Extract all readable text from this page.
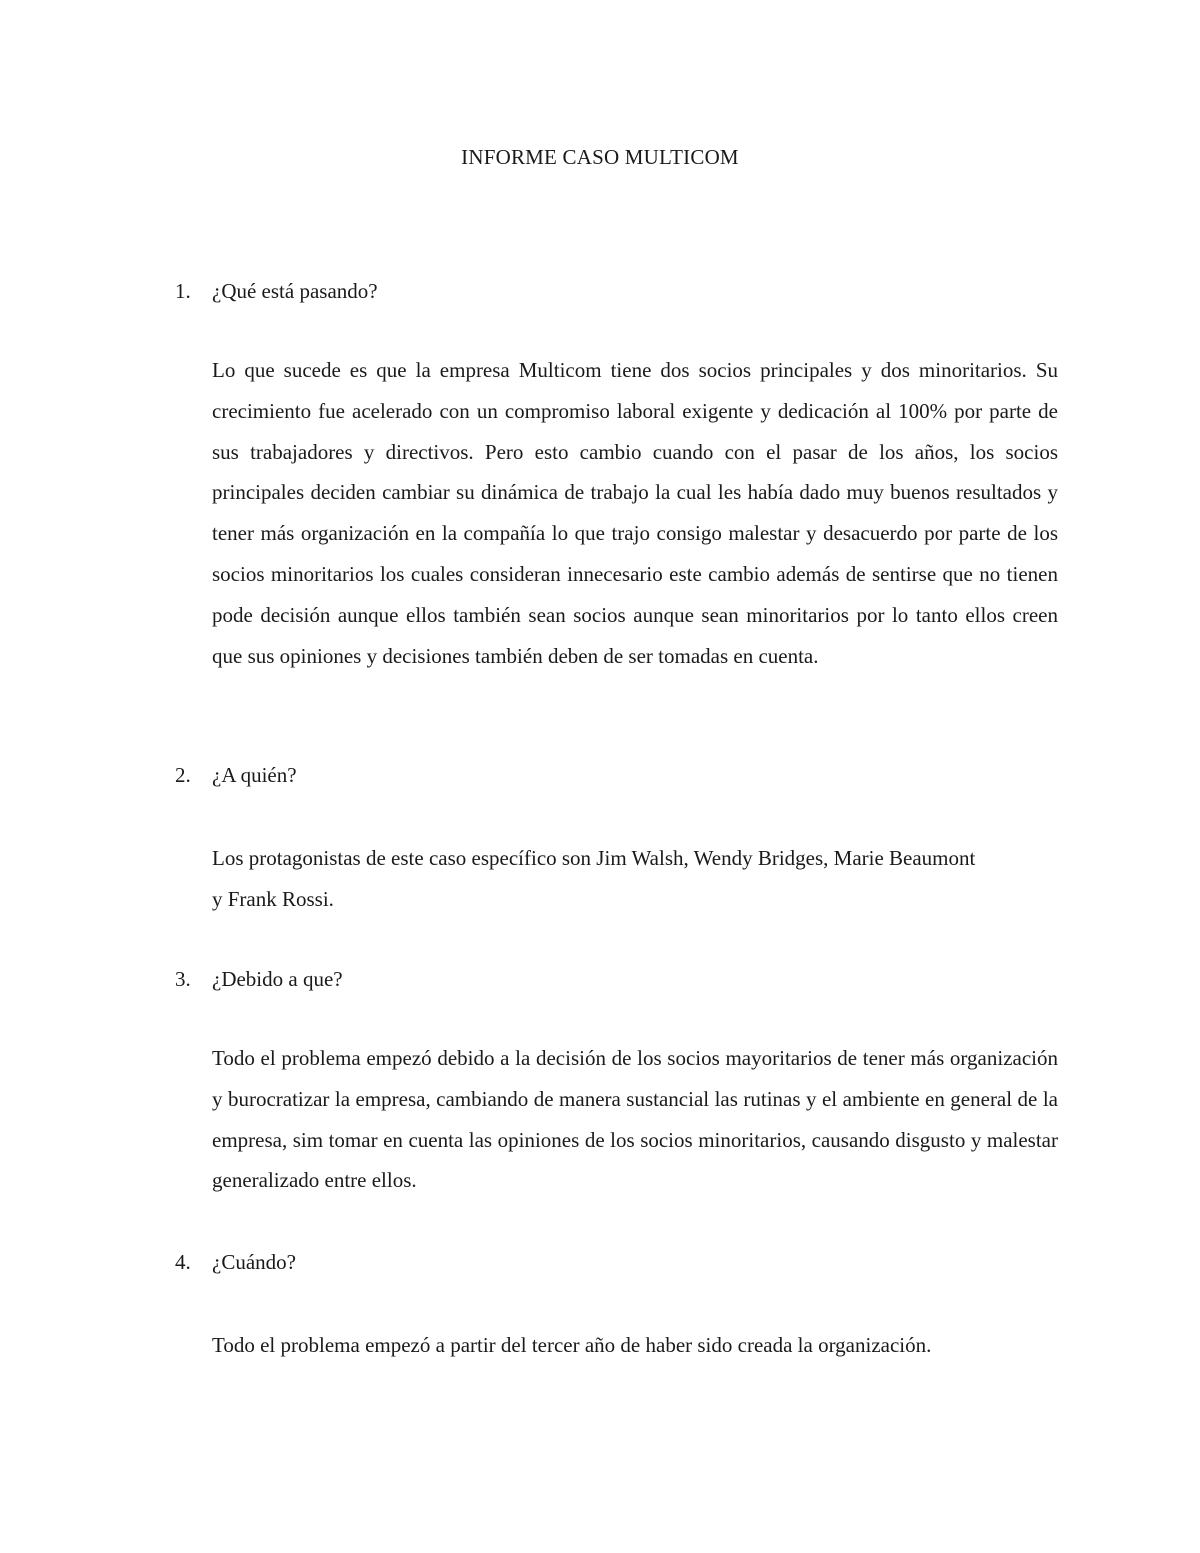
INFORME CASO MULTICOM
1. ¿Qué está pasando?

Lo que sucede es que la empresa Multicom tiene dos socios principales y dos minoritarios. Su crecimiento fue acelerado con un compromiso laboral exigente y dedicación al 100% por parte de sus trabajadores y directivos. Pero esto cambio cuando con el pasar de los años, los socios principales deciden cambiar su dinámica de trabajo la cual les había dado muy buenos resultados y tener más organización en la compañía lo que trajo consigo malestar y desacuerdo por parte de los socios minoritarios los cuales consideran innecesario este cambio además de sentirse que no tienen pode decisión aunque ellos también sean socios aunque sean minoritarios por lo tanto ellos creen que sus opiniones y decisiones también deben de ser tomadas en cuenta.

2. ¿A quién?

Los protagonistas de este caso específico son Jim Walsh, Wendy Bridges, Marie Beaumont y Frank Rossi.

3. ¿Debido a que?

Todo el problema empezó debido a la decisión de los socios mayoritarios de tener más organización y burocratizar la empresa, cambiando de manera sustancial las rutinas y el ambiente en general de la empresa, sim tomar en cuenta las opiniones de los socios minoritarios, causando disgusto y malestar generalizado entre ellos.

4. ¿Cuándo?

Todo el problema empezó a partir del tercer año de haber sido creada la organización.
